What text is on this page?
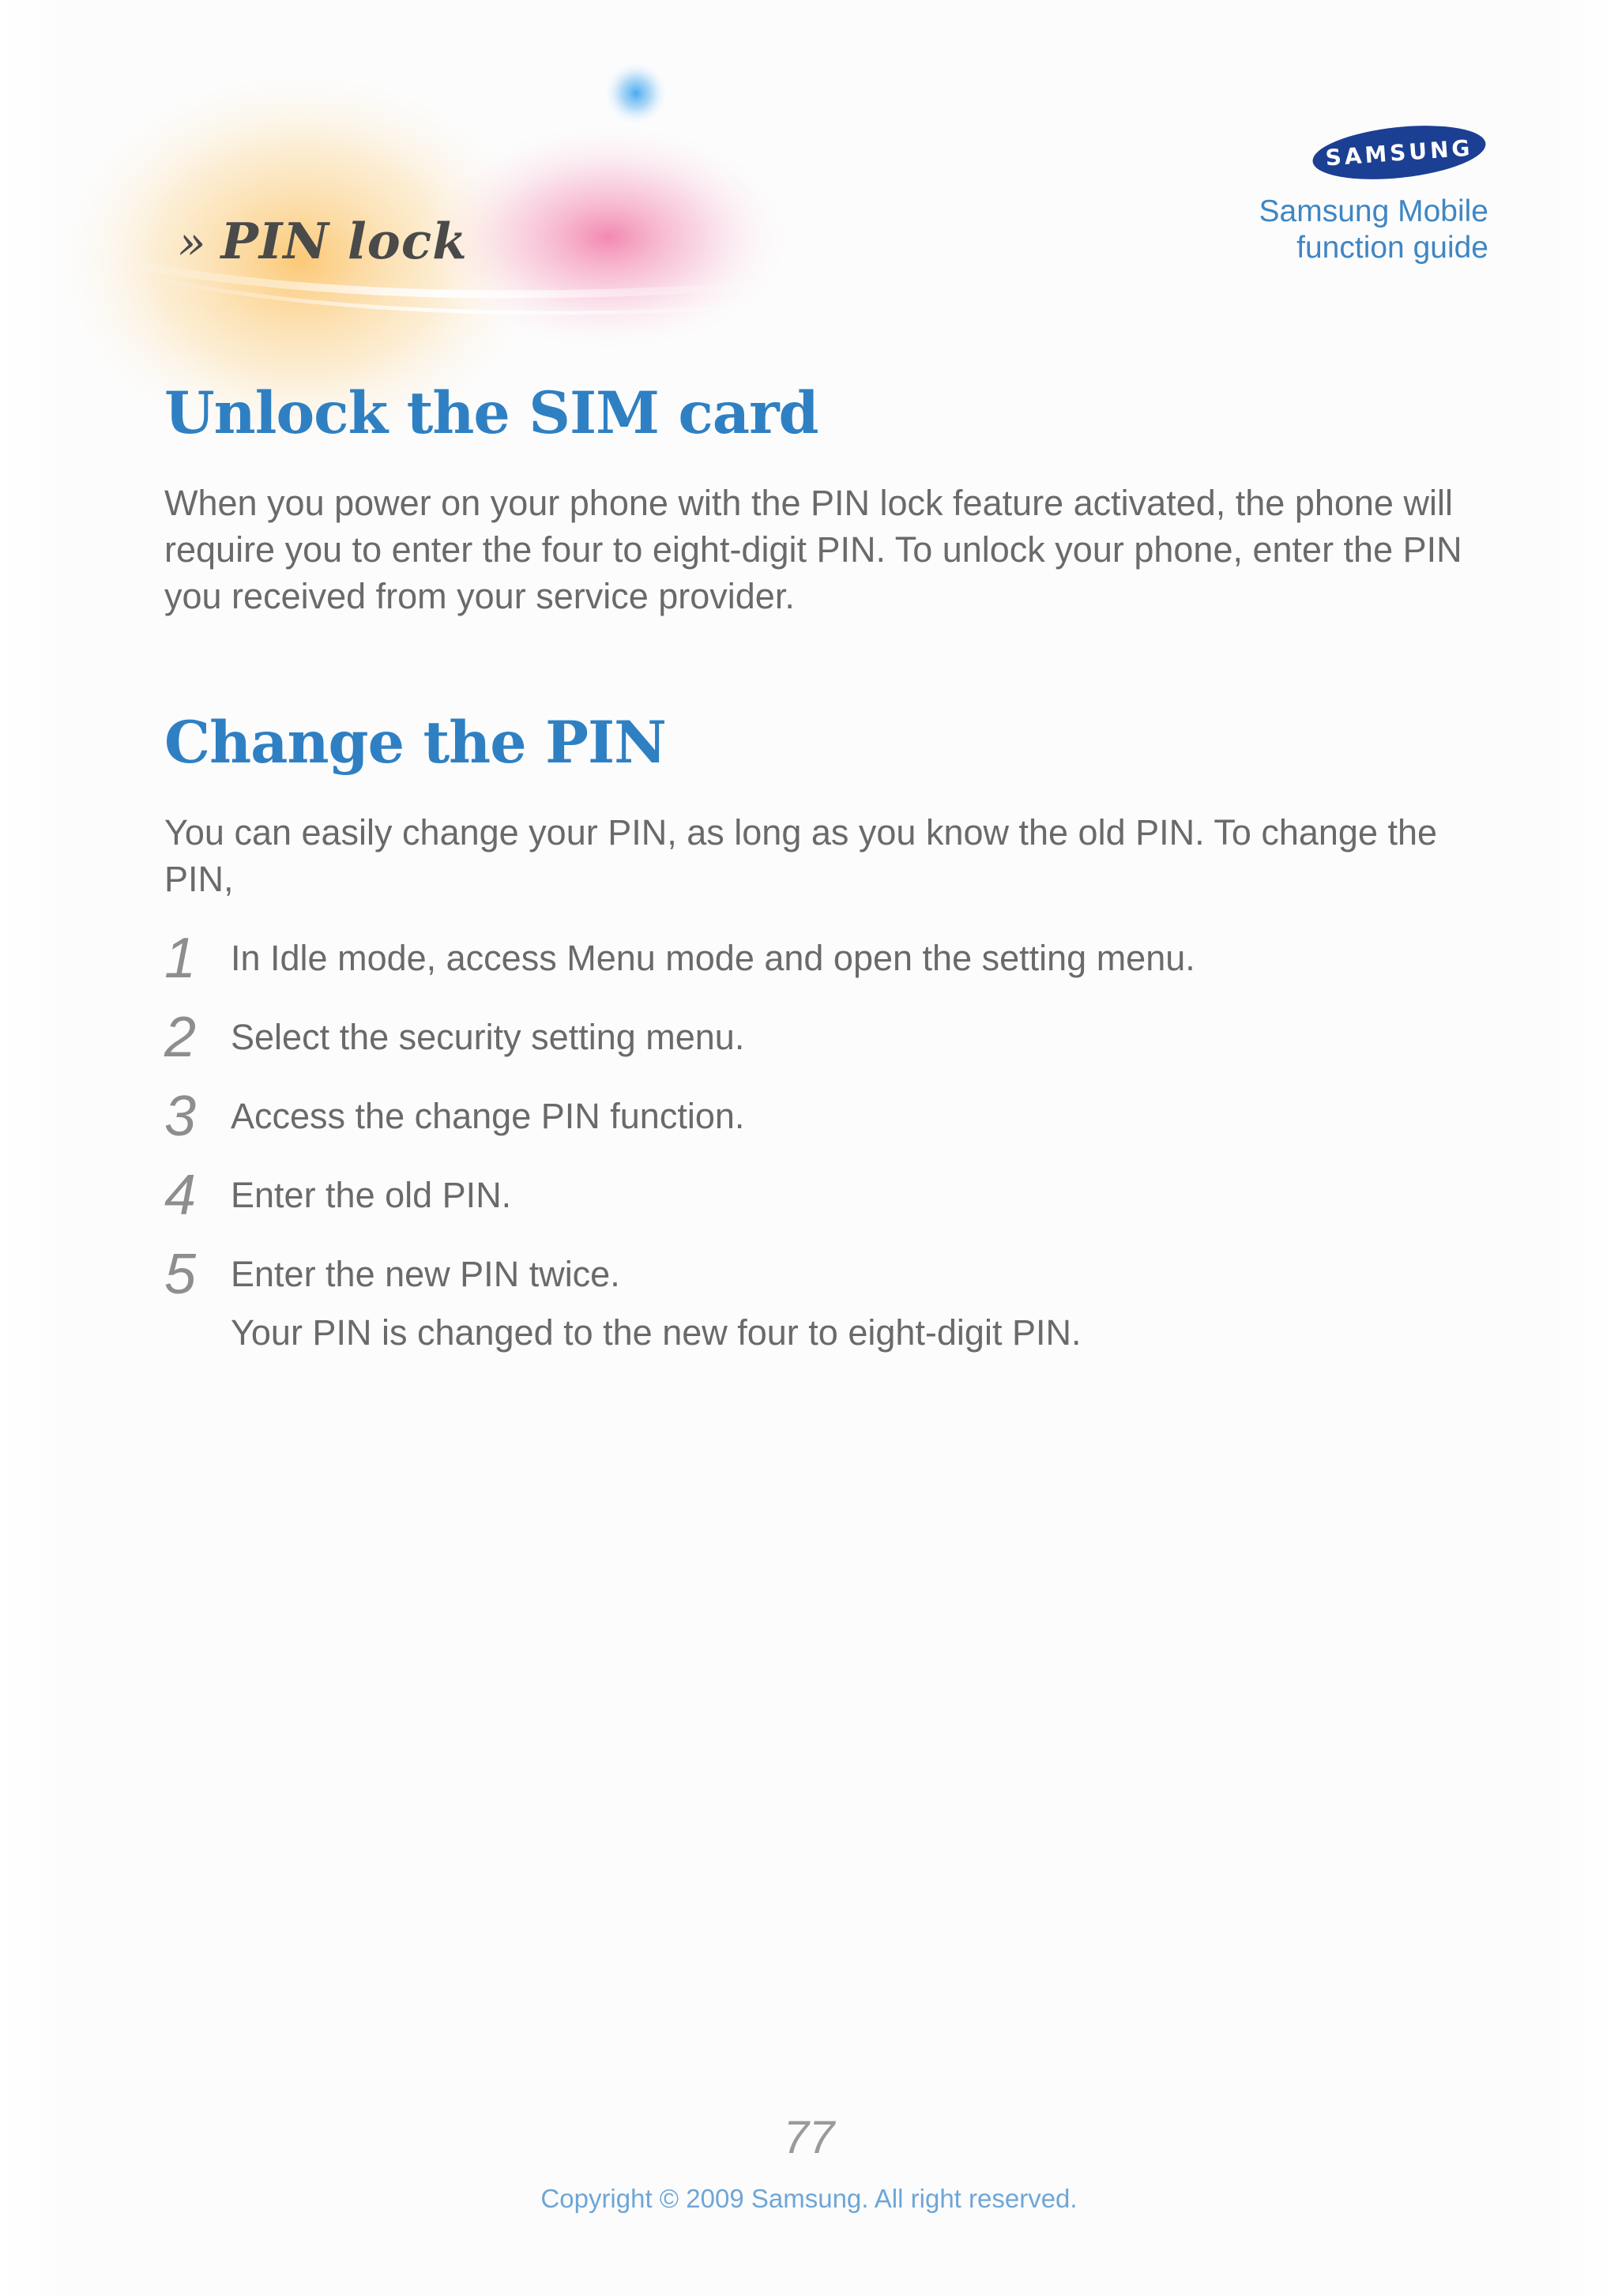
» PIN lock
SAMSUNG
Samsung Mobile
function guide
Unlock the SIM card
When you power on your phone with the PIN lock feature activated, the phone will require you to enter the four to eight-digit PIN. To unlock your phone, enter the PIN you received from your service provider.
Change the PIN
You can easily change your PIN, as long as you know the old PIN. To change the PIN,
1 In Idle mode, access Menu mode and open the setting menu.
2 Select the security setting menu.
3 Access the change PIN function.
4 Enter the old PIN.
5 Enter the new PIN twice.
Your PIN is changed to the new four to eight-digit PIN.
77
Copyright © 2009 Samsung. All right reserved.
